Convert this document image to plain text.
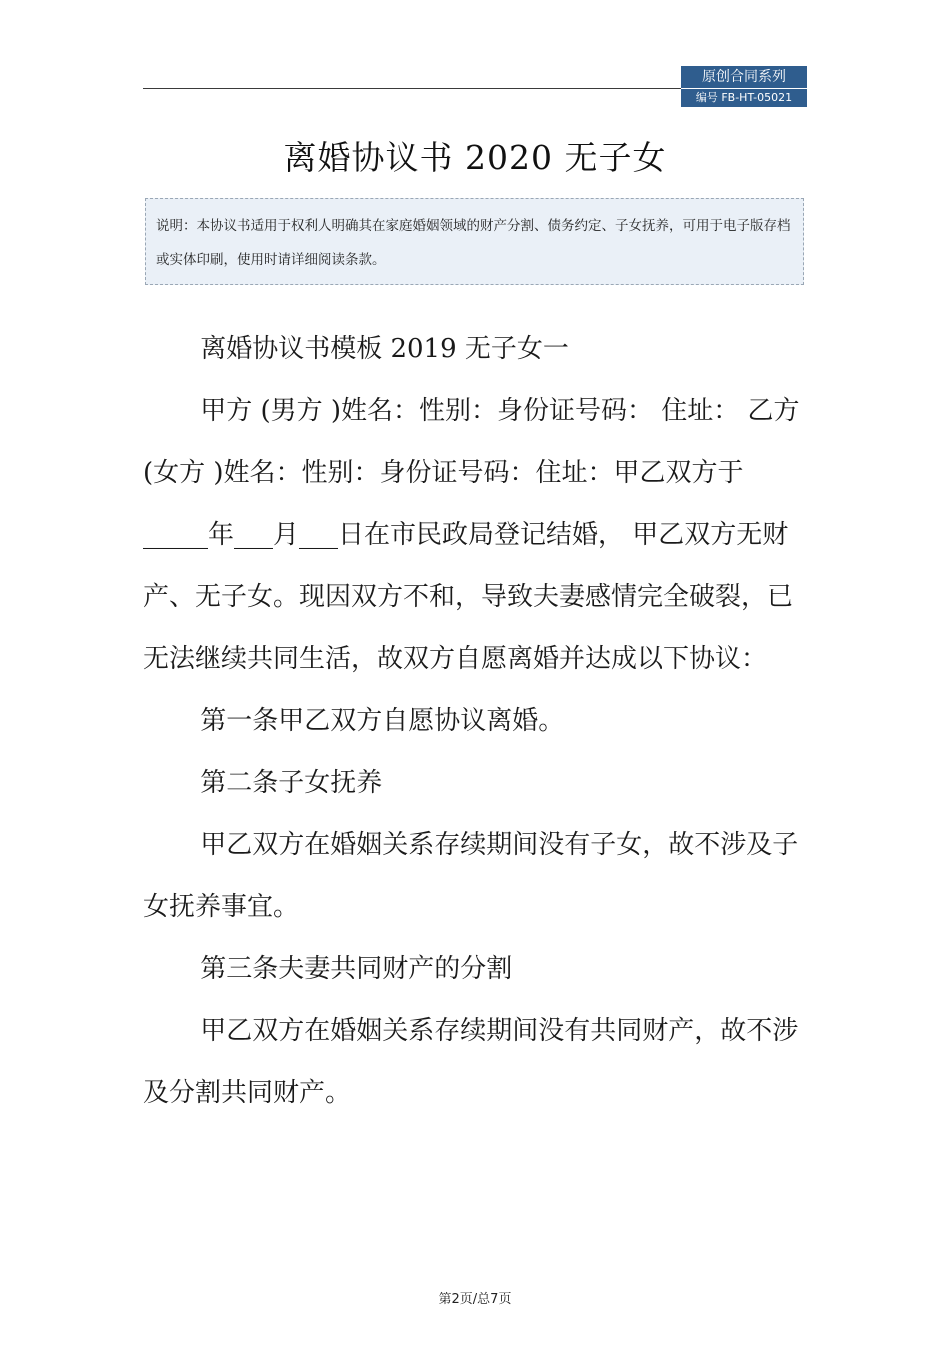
原创合同系列
编号 FB-HT-05021
离婚协议书 2020 无子女
说明：本协议书适用于权利人明确其在家庭婚姻领域的财产分割、债务约定、子女抚养，可用于电子版存档或实体印刷，使用时请详细阅读条款。

离婚协议书模板 2019 无子女一

甲方 (男方 )姓名：性别：身份证号码： 住址： 乙方 (女方 )姓名：性别：身份证号码：住址：甲乙双方于 _____年___月___日在市民政局登记结婚， 甲乙双方无财产、无子女。现因双方不和，导致夫妻感情完全破裂，已无法继续共同生活，故双方自愿离婚并达成以下协议：

第一条甲乙双方自愿协议离婚。

第二条子女抚养

甲乙双方在婚姻关系存续期间没有子女，故不涉及子女抚养事宜。

第三条夫妻共同财产的分割

甲乙双方在婚姻关系存续期间没有共同财产，故不涉及分割共同财产。

第2页/总7页
